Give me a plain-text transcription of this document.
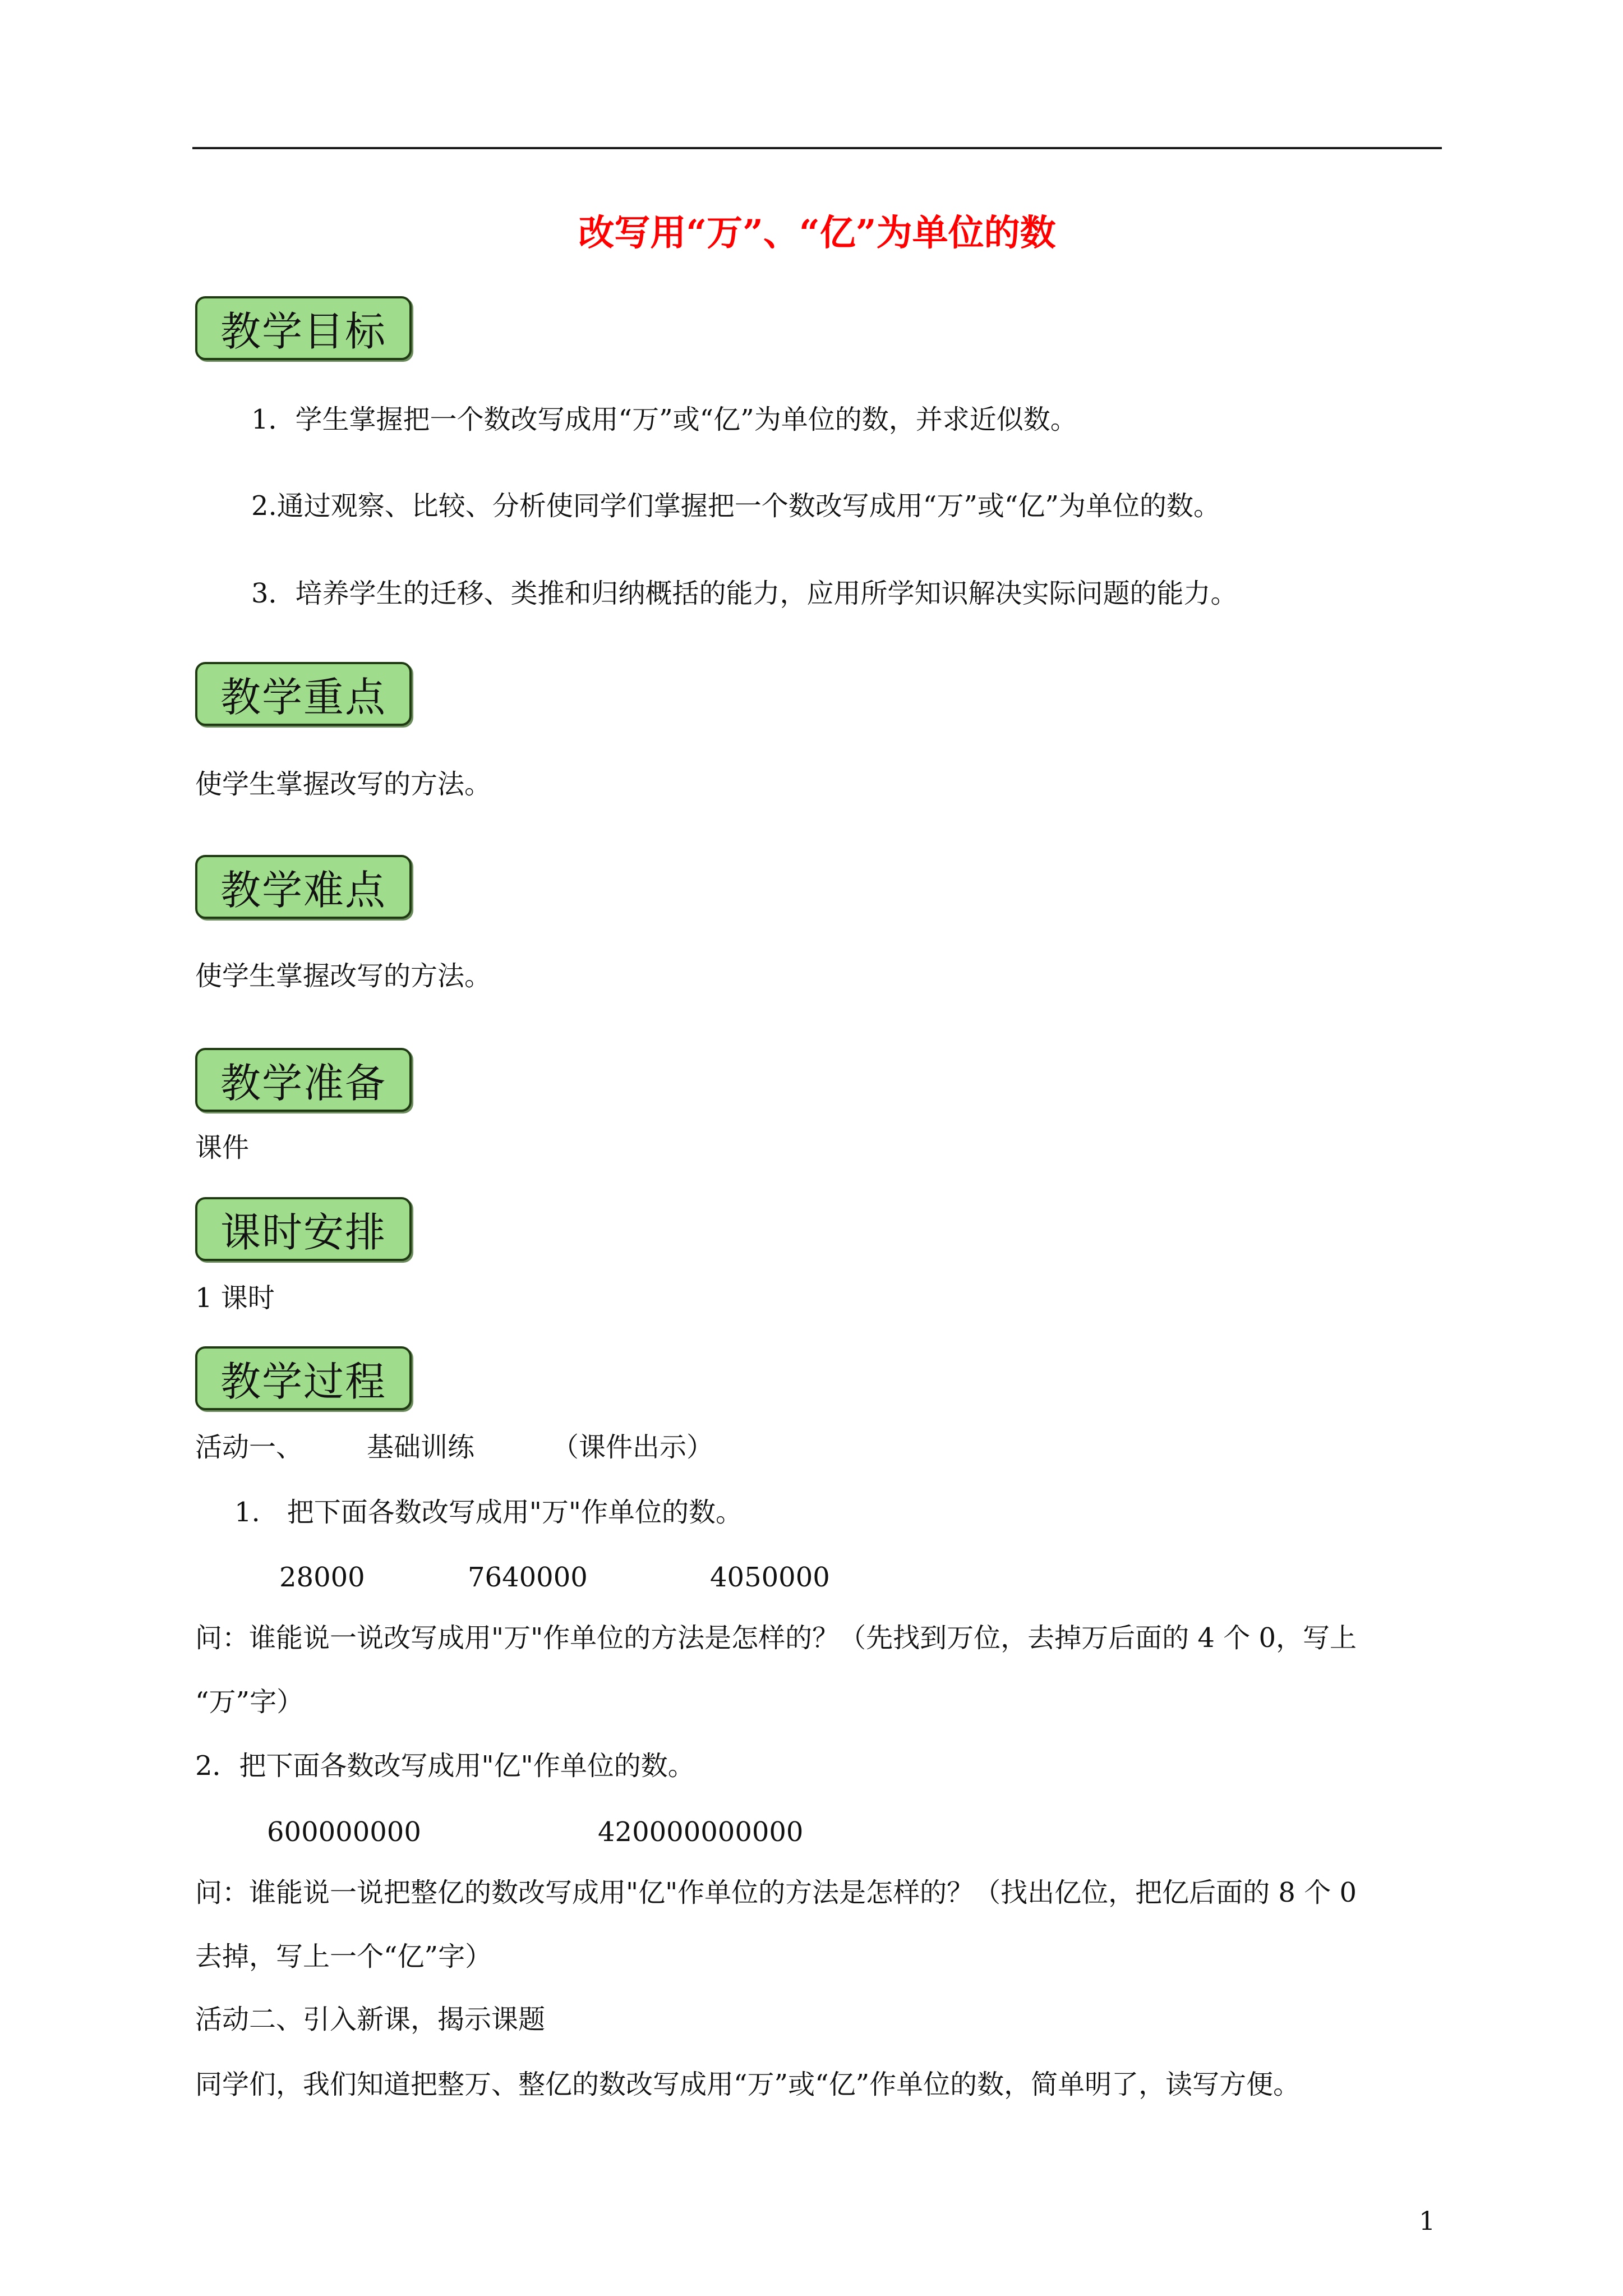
改写用“万”、“亿”为单位的数
教学目标
1．学生掌握把一个数改写成用“万”或“亿”为单位的数，并求近似数。
2.通过观察、比较、分析使同学们掌握把一个数改写成用“万”或“亿”为单位的数。
3．培养学生的迁移、类推和归纳概括的能力，应用所学知识解决实际问题的能力。
教学重点
使学生掌握改写的方法。
教学难点
使学生掌握改写的方法。
教学准备
课件
课时安排
1 课时
教学过程
活动一、 基础训练	（课件出示）
1.　把下面各数改写成用"万"作单位的数。
28000	7640000	4050000
问：谁能说一说改写成用"万"作单位的方法是怎样的？（先找到万位，去掉万后面的 4 个 0，写上
“万”字）
2．把下面各数改写成用"亿"作单位的数。
600000000	420000000000
问：谁能说一说把整亿的数改写成用"亿"作单位的方法是怎样的？（找出亿位，把亿后面的 8 个 0
去掉，写上一个“亿”字）
活动二、引入新课，揭示课题
同学们，我们知道把整万、整亿的数改写成用“万”或“亿”作单位的数，简单明了，读写方便。
1
